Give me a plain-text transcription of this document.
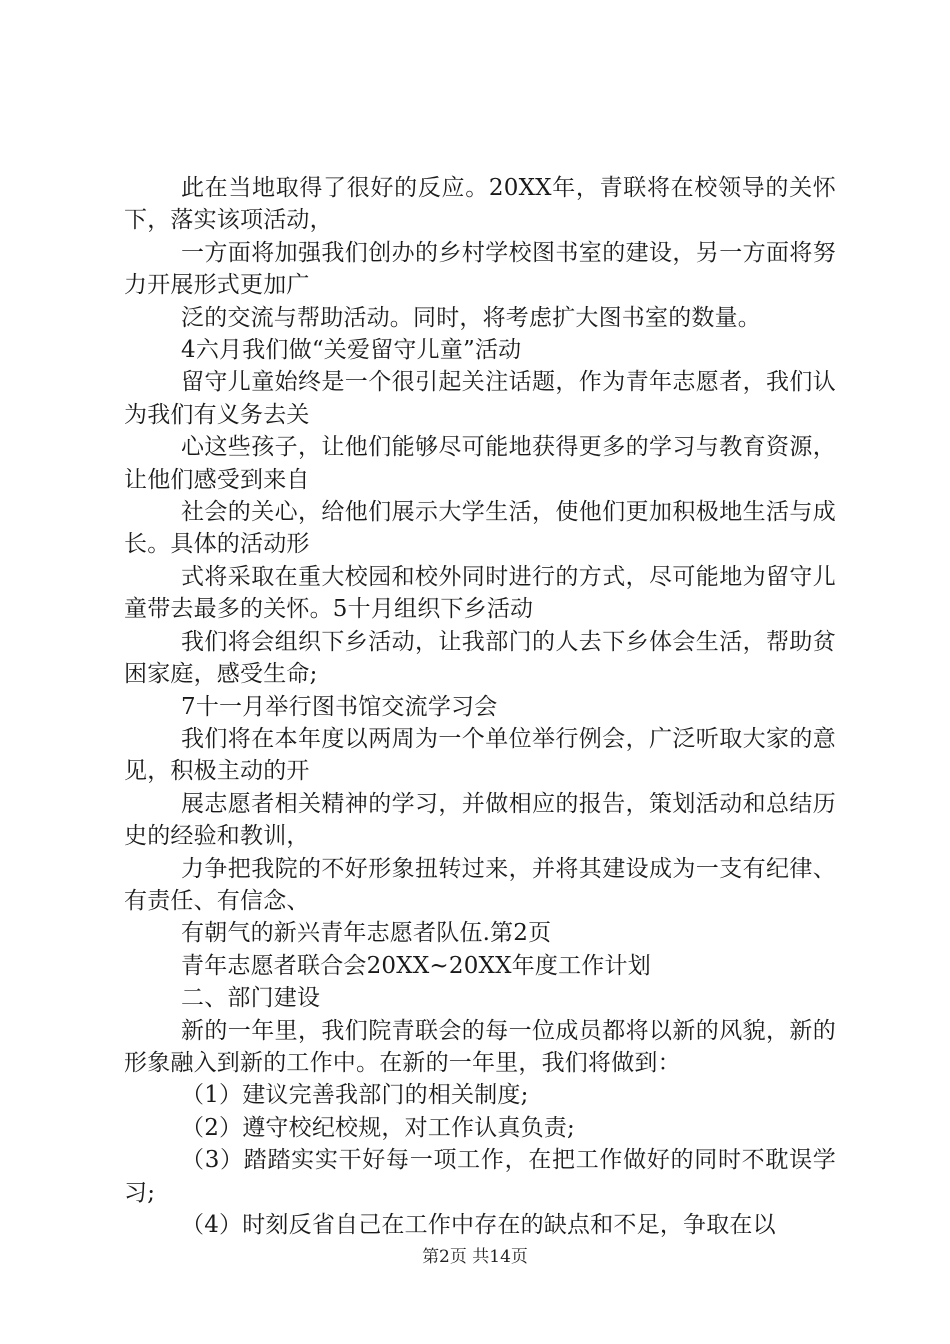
此在当地取得了很好的反应。20XX年，青联将在校领导的关怀下，落实该项活动，

一方面将加强我们创办的乡村学校图书室的建设，另一方面将努力开展形式更加广

泛的交流与帮助活动。同时，将考虑扩大图书室的数量。

4六月我们做“关爱留守儿童”活动

留守儿童始终是一个很引起关注话题，作为青年志愿者，我们认为我们有义务去关

心这些孩子，让他们能够尽可能地获得更多的学习与教育资源，让他们感受到来自

社会的关心，给他们展示大学生活，使他们更加积极地生活与成长。具体的活动形

式将采取在重大校园和校外同时进行的方式，尽可能地为留守儿童带去最多的关怀。5十月组织下乡活动

我们将会组织下乡活动，让我部门的人去下乡体会生活，帮助贫困家庭，感受生命;

7十一月举行图书馆交流学习会

我们将在本年度以两周为一个单位举行例会，广泛听取大家的意见，积极主动的开

展志愿者相关精神的学习，并做相应的报告，策划活动和总结历史的经验和教训，

力争把我院的不好形象扭转过来，并将其建设成为一支有纪律、有责任、有信念、

有朝气的新兴青年志愿者队伍.第2页

青年志愿者联合会20XX~20XX年度工作计划

二、部门建设

新的一年里，我们院青联会的每一位成员都将以新的风貌，新的形象融入到新的工作中。在新的一年里，我们将做到：

（1）建议完善我部门的相关制度;

（2）遵守校纪校规，对工作认真负责;

（3）踏踏实实干好每一项工作，在把工作做好的同时不耽误学习;

（4）时刻反省自己在工作中存在的缺点和不足，争取在以

第2页 共14页
